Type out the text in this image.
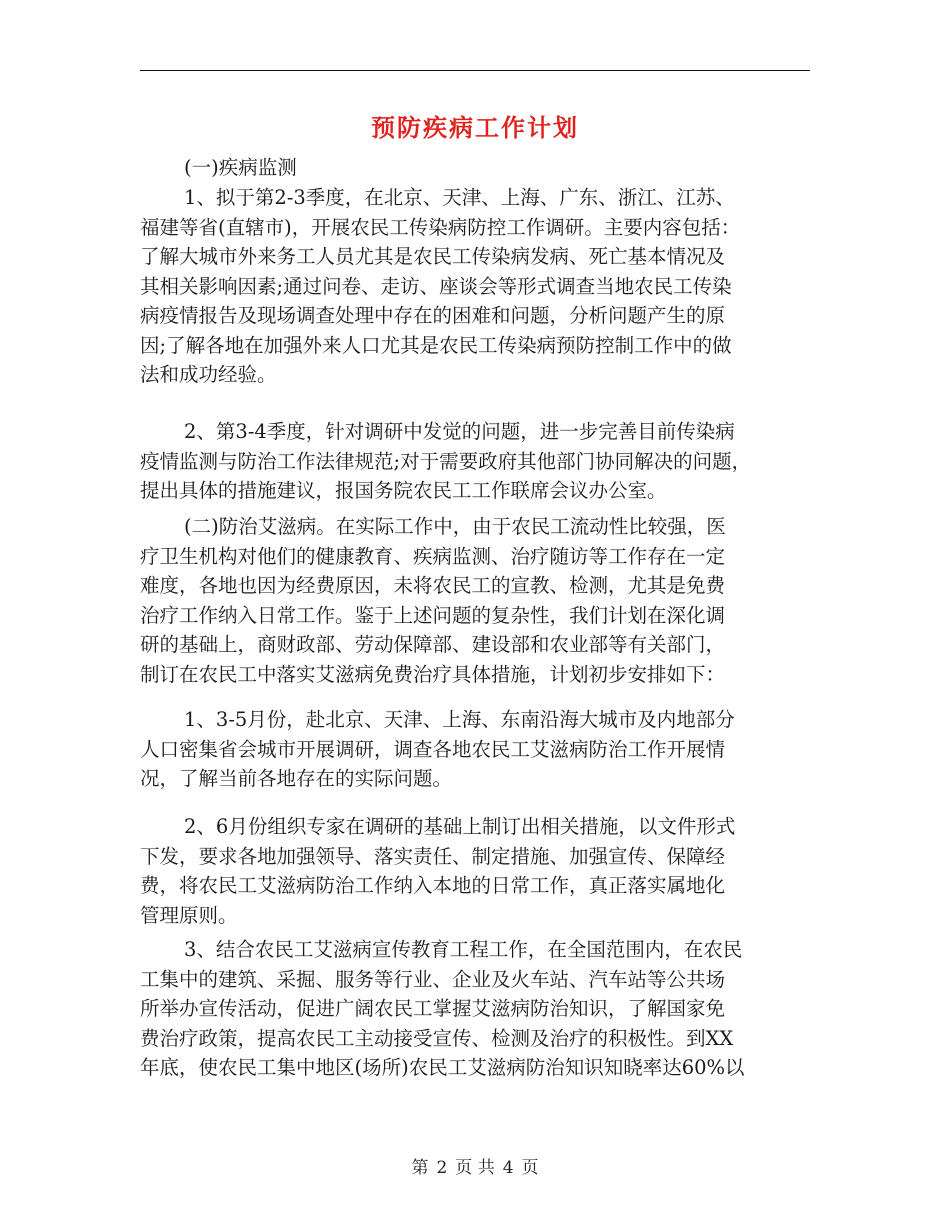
预防疾病工作计划
(一)疾病监测
1、拟于第2-3季度，在北京、天津、上海、广东、浙江、江苏、
福建等省(直辖市)，开展农民工传染病防控工作调研。主要内容包括：
了解大城市外来务工人员尤其是农民工传染病发病、死亡基本情况及
其相关影响因素;通过问卷、走访、座谈会等形式调查当地农民工传染
病疫情报告及现场调查处理中存在的困难和问题，分析问题产生的原
因;了解各地在加强外来人口尤其是农民工传染病预防控制工作中的做
法和成功经验。
2、第3-4季度，针对调研中发觉的问题，进一步完善目前传染病
疫情监测与防治工作法律规范;对于需要政府其他部门协同解决的问题，
提出具体的措施建议，报国务院农民工工作联席会议办公室。
(二)防治艾滋病。在实际工作中，由于农民工流动性比较强，医
疗卫生机构对他们的健康教育、疾病监测、治疗随访等工作存在一定
难度，各地也因为经费原因，未将农民工的宣教、检测，尤其是免费
治疗工作纳入日常工作。鉴于上述问题的复杂性，我们计划在深化调
研的基础上，商财政部、劳动保障部、建设部和农业部等有关部门，
制订在农民工中落实艾滋病免费治疗具体措施，计划初步安排如下：
1、3-5月份，赴北京、天津、上海、东南沿海大城市及内地部分
人口密集省会城市开展调研，调查各地农民工艾滋病防治工作开展情
况，了解当前各地存在的实际问题。
2、6月份组织专家在调研的基础上制订出相关措施，以文件形式
下发，要求各地加强领导、落实责任、制定措施、加强宣传、保障经
费，将农民工艾滋病防治工作纳入本地的日常工作，真正落实属地化
管理原则。
3、结合农民工艾滋病宣传教育工程工作，在全国范围内，在农民
工集中的建筑、采掘、服务等行业、企业及火车站、汽车站等公共场
所举办宣传活动，促进广阔农民工掌握艾滋病防治知识，了解国家免
费治疗政策，提高农民工主动接受宣传、检测及治疗的积极性。到XX
年底，使农民工集中地区(场所)农民工艾滋病防治知识知晓率达60%以
第 2 页 共 4 页
